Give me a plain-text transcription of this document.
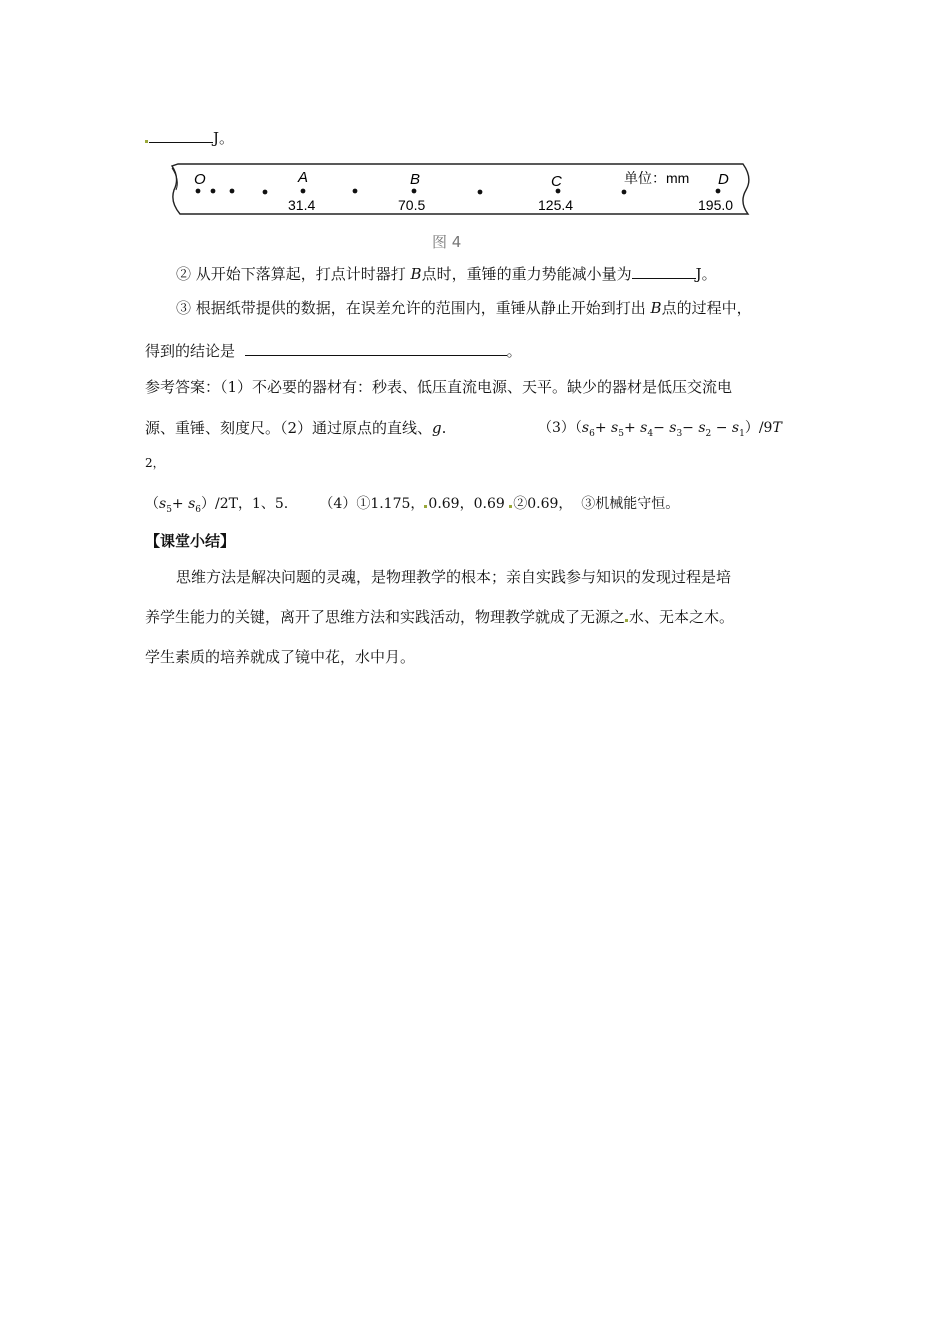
J。
O	A	B	C	D
单位：mm
31.4	70.5	125.4	195.0
图 4
② 从开始下落算起，打点计时器打 B点时，重锤的重力势能减小量为	J。
③ 根据纸带提供的数据，在误差允许的范围内，重锤从静止开始到打出 B点的过程中，
得到的结论是	。
参考答案：（1）不必要的器材有：秒表、低压直流电源、天平。缺少的器材是低压交流电
源、重锤、刻度尺。（2）通过原点的直线、g.	$(3)(s_6+ s_5+ s_4- s_3- s_2 - s_1)/9T$
2，
$(s_5+ s_6)/2T$，1、5. （4）①1.175， 0.69，0.69 ②0.69， ③机械能守恒。
【课堂小结】
思维方法是解决问题的灵魂，是物理教学的根本；亲自实践参与知识的发现过程是培
养学生能力的关键，离开了思维方法和实践活动，物理教学就成了无源之 水、无本之木。
学生素质的培养就成了镜中花，水中月。
